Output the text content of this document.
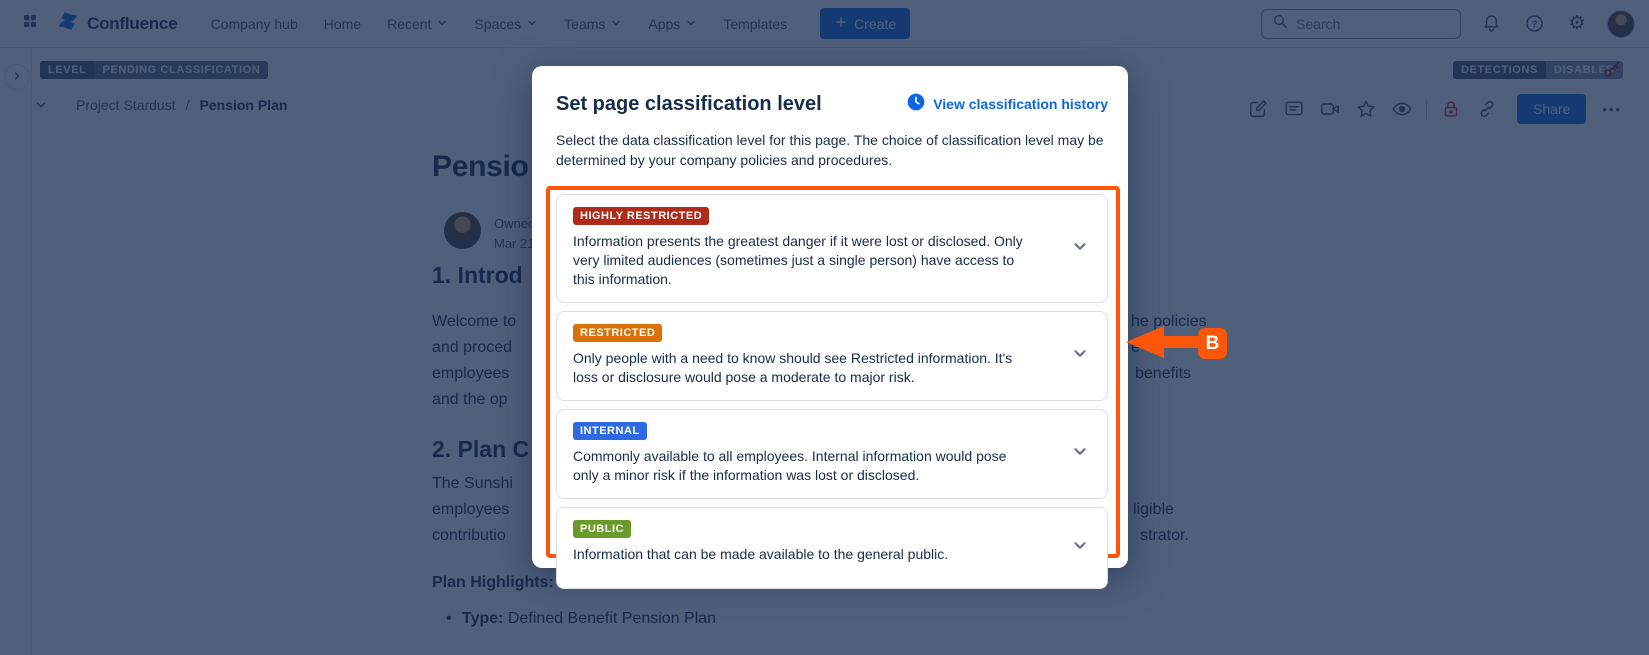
Search
Set page classification level	View classification history

Select the data classification level for this page. The choice of classification level may be determined by your company policies and procedures.

HIGHLY RESTRICTED
Information presents the greatest danger if it were lost or disclosed. Only very limited audiences (sometimes just a single person) have access to this information.
RESTRICTED
Only people with a need to know should see Restricted information. It's loss or disclosure would pose a moderate to major risk.
INTERNAL
Commonly available to all employees. Internal information would pose only a minor risk if the information was lost or disclosed.
PUBLIC
Information that can be made available to the general public.
B
